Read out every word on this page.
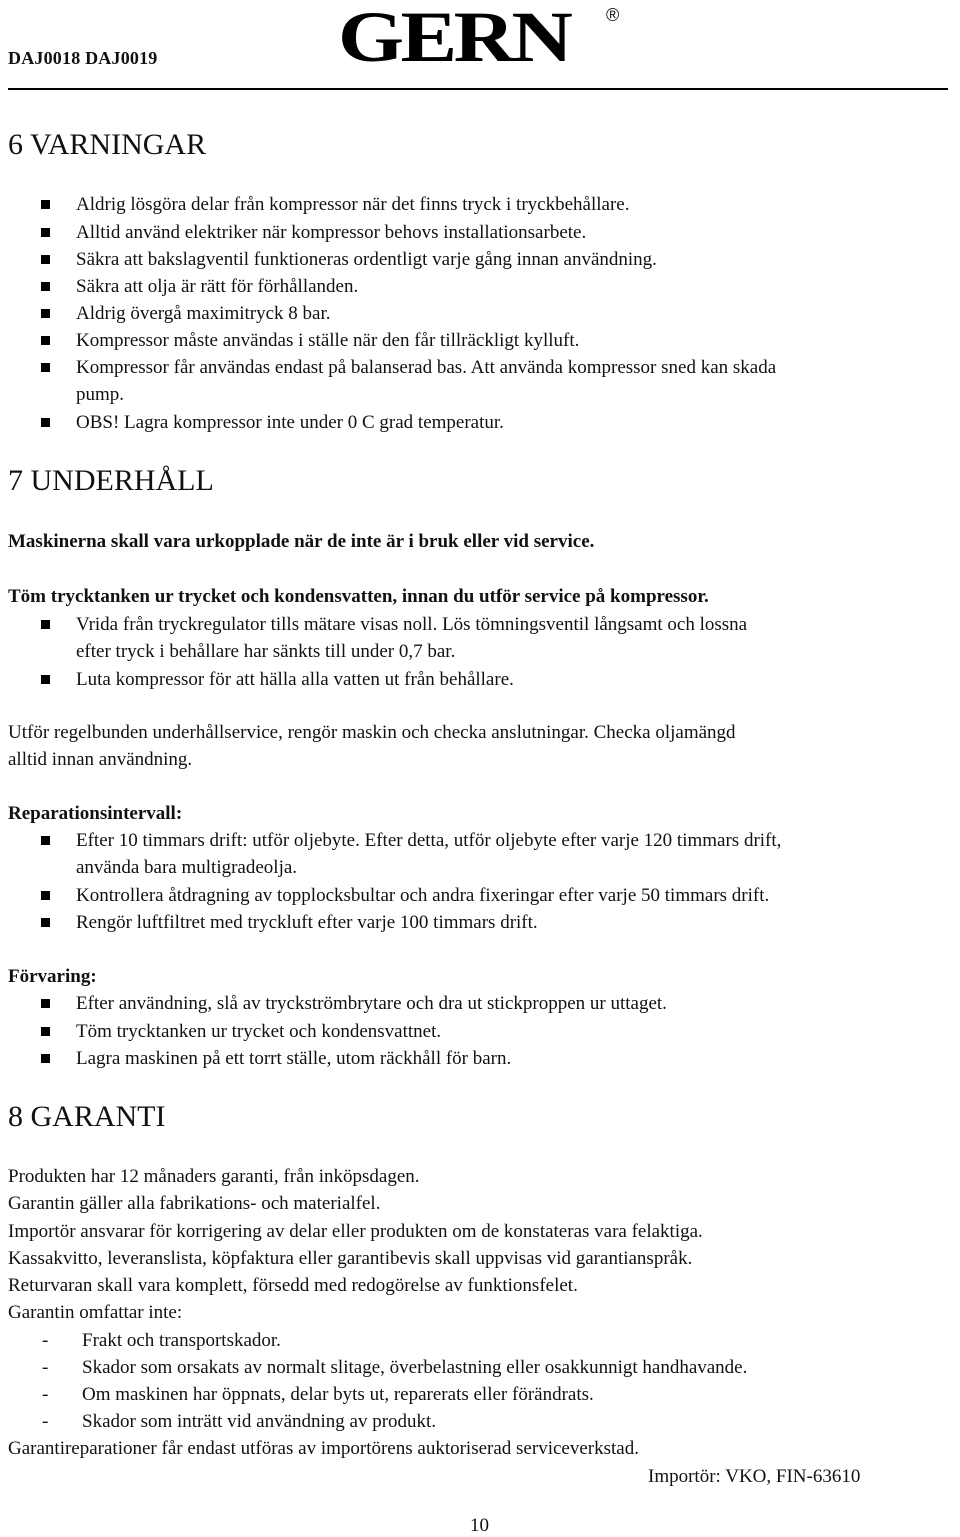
DAJ0018 DAJ0019	GERN ®
6 VARNINGAR
Aldrig lösgöra delar från kompressor när det finns tryck i tryckbehållare.
Alltid använd elektriker när kompressor behovs installationsarbete.
Säkra att bakslagventil funktioneras ordentligt varje gång innan användning.
Säkra att olja är rätt för förhållanden.
Aldrig övergå maximitryck 8 bar.
Kompressor måste användas i ställe när den får tillräckligt kylluft.
Kompressor får användas endast på balanserad bas. Att använda kompressor sned kan skada
pump.
OBS! Lagra kompressor inte under 0 C grad temperatur.
7 UNDERHÅLL
Maskinerna skall vara urkopplade när de inte är i bruk eller vid service.
Töm trycktanken ur trycket och kondensvatten, innan du utför service på kompressor.
Vrida från tryckregulator tills mätare visas noll. Lös tömningsventil långsamt och lossna
efter tryck i behållare har sänkts till under 0,7 bar.
Luta kompressor för att hälla alla vatten ut från behållare.
Utför regelbunden underhållservice, rengör maskin och checka anslutningar. Checka oljamängd
alltid innan användning.
Reparationsintervall:
Efter 10 timmars drift: utför oljebyte. Efter detta, utför oljebyte efter varje 120 timmars drift,
använda bara multigradeolja.
Kontrollera åtdragning av topplocksbultar och andra fixeringar efter varje 50 timmars drift.
Rengör luftfiltret med tryckluft efter varje 100 timmars drift.
Förvaring:
Efter användning, slå av tryckströmbrytare och dra ut stickproppen ur uttaget.
Töm trycktanken ur trycket och kondensvattnet.
Lagra maskinen på ett torrt ställe, utom räckhåll för barn.
8 GARANTI
Produkten har 12 månaders garanti, från inköpsdagen.
Garantin gäller alla fabrikations- och materialfel.
Importör ansvarar för korrigering av delar eller produkten om de konstateras vara felaktiga.
Kassakvitto, leveranslista, köpfaktura eller garantibevis skall uppvisas vid garantianspråk.
Returvaran skall vara komplett, försedd med redogörelse av funktionsfelet.
Garantin omfattar inte:
- Frakt och transportskador.
- Skador som orsakats av normalt slitage, överbelastning eller osakkunnigt handhavande.
- Om maskinen har öppnats, delar byts ut, reparerats eller förändrats.
- Skador som inträtt vid användning av produkt.
Garantireparationer får endast utföras av importörens auktoriserad serviceverkstad.
Importör: VKO, FIN-63610
10
